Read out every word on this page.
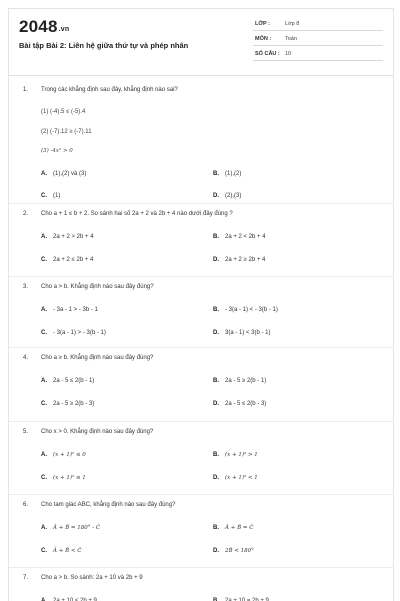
2048.vn
Bài tập Bài 2: Liên hệ giữa thứ tự và phép nhân
LỚP :	Lớp 8
MÔN :	Toán
SỐ CÂU : 10
1. Trong các khẳng định sau đây, khẳng định nào sai?
(1) (-4).5 ≤ (-5).4
(2) (-7).12 ≥ (-7).11
(3) -4x² > 0
A. (1),(2) và (3)	B. (1),(2)
C. (1)	D. (2),(3)
2. Cho a + 1 ≤ b + 2. So sánh hai số 2a + 2 và 2b + 4 nào dưới đây đúng ?
A. 2a + 2 > 2b + 4	B. 2a + 2 < 2b + 4
C. 2a + 2 ≤ 2b + 4	D. 2a + 2 ≥ 2b + 4
3. Cho a > b. Khẳng định nào sau đây đúng?
A. - 3a - 1 > - 3b - 1	B. - 3(a - 1) < - 3(b - 1)
C. - 3(a - 1) > - 3(b - 1)	D. 3(a - 1) < 3(b - 1)
4. Cho a ≥ b. Khẳng định nào sau đây đúng?
A. 2a - 5 ≤ 2(b - 1)	B. 2a - 5 ≥ 2(b - 1)
C. 2a - 5 ≥ 2(b - 3)	D. 2a - 5 ≤ 2(b - 3)
5. Cho x > 0. Khẳng định nào sau đây đúng?
A. (x + 1)² ≤ 0	B. (x + 1)² > 1
C. (x + 1)² ≤ 1	D. (x + 1)² < 1
6. Cho tam giác ABC, khẳng định nào sau đây đúng?
A. Â + B̂ = 180° - Ĉ	B. Â + B̂ = Ĉ
C. Â + B̂ < Ĉ	D. 2B̂ < 180°
7. Cho a > b. So sánh: 2a + 10 và 2b + 9
A. 2a + 10 < 2b + 9	B. 2a + 10 = 2b + 9
